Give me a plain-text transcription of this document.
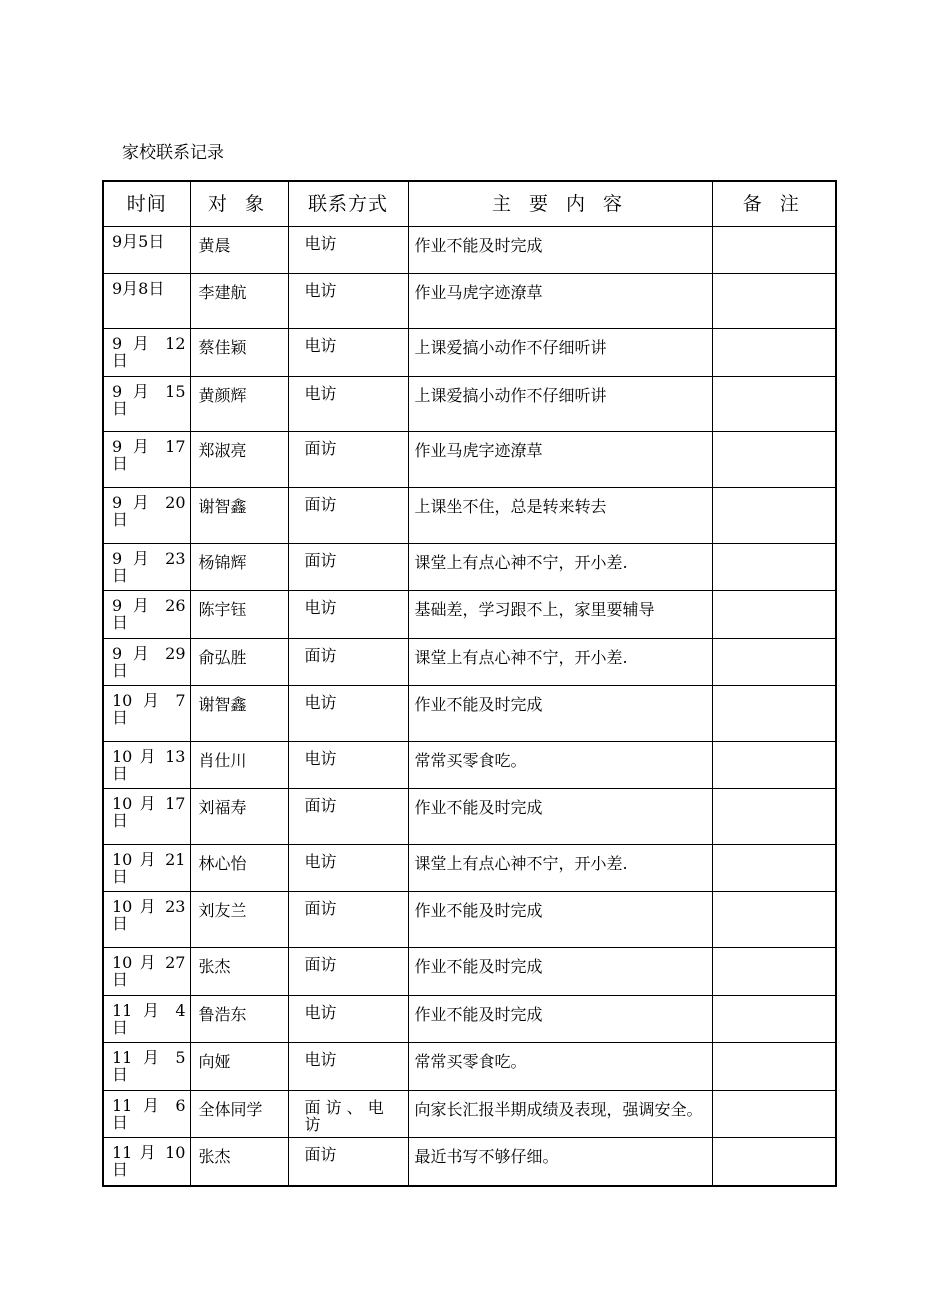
家校联系记录
时间	对 象	联系方式	主 要 内 容	备 注

9月5日	黄晨	电访	作业不能及时完成	

9月8日	李建航	电访	作业马虎字迹潦草	

9 月 12 日	蔡佳颖	电访	上课爱搞小动作不仔细听讲	

9 月 15 日	黄颜辉	电访	上课爱搞小动作不仔细听讲	

9 月 17 日	郑淑亮	面访	作业马虎字迹潦草	

9 月 20 日	谢智鑫	面访	上课坐不住，总是转来转去	

9 月 23 日	杨锦辉	面访	课堂上有点心神不宁，开小差.	

9 月 26 日	陈宇钰	电访	基础差，学习跟不上，家里要辅导	

9 月 29 日	俞弘胜	面访	课堂上有点心神不宁，开小差.	

10 月 7 日	谢智鑫	电访	作业不能及时完成	

10 月 13 日	肖仕川	电访	常常买零食吃。	

10 月 17 日	刘福寿	面访	作业不能及时完成	

10 月 21 日	林心怡	电访	课堂上有点心神不宁，开小差.	

10 月 23 日	刘友兰	面访	作业不能及时完成	

10 月 27 日	张杰	面访	作业不能及时完成	

11 月 4 日	鲁浩东	电访	作业不能及时完成	

11 月 5 日	向娅	电访	常常买零食吃。	

11 月 6 日	全体同学	面 访 、 电 访	向家长汇报半期成绩及表现，强调安全。	

11 月 10 日	张杰	面访	最近书写不够仔细。	
